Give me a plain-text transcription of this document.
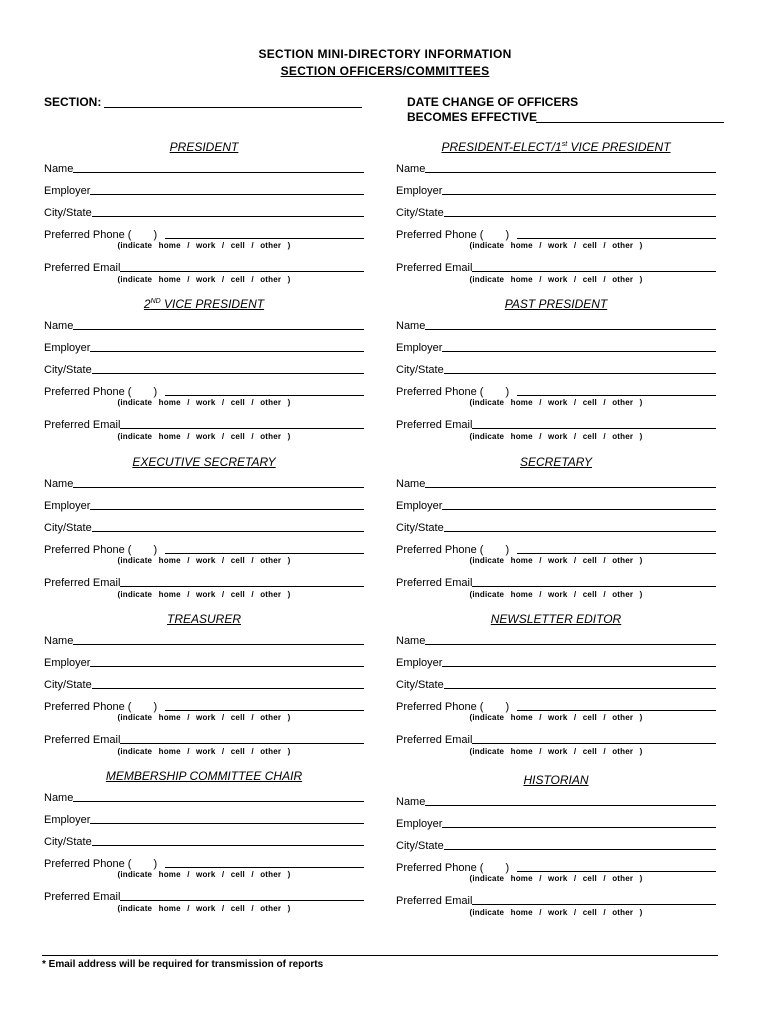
SECTION MINI-DIRECTORY INFORMATION
SECTION OFFICERS/COMMITTEES
SECTION:	DATE CHANGE OF OFFICERS
BECOMES EFFECTIVE
PRESIDENT
Name
Employer
City/State
Preferred Phone ( )
(indicate home / work / cell / other )
Preferred Email
(indicate home / work / cell / other )
2ND VICE PRESIDENT
Name
Employer
City/State
Preferred Phone ( )
(indicate home / work / cell / other )
Preferred Email
(indicate home / work / cell / other )
EXECUTIVE SECRETARY
Name
Employer
City/State
Preferred Phone ( )
(indicate home / work / cell / other )
Preferred Email
(indicate home / work / cell / other )
TREASURER
Name
Employer
City/State
Preferred Phone ( )
(indicate home / work / cell / other )
Preferred Email
(indicate home / work / cell / other )
MEMBERSHIP COMMITTEE CHAIR
Name
Employer
City/State
Preferred Phone ( )
(indicate home / work / cell / other )
Preferred Email
(indicate home / work / cell / other )
PRESIDENT-ELECT/1st VICE PRESIDENT
Name
Employer
City/State
Preferred Phone ( )
(indicate home / work / cell / other )
Preferred Email
(indicate home / work / cell / other )
PAST PRESIDENT
Name
Employer
City/State
Preferred Phone ( )
(indicate home / work / cell / other )
Preferred Email
(indicate home / work / cell / other )
SECRETARY
Name
Employer
City/State
Preferred Phone ( )
(indicate home / work / cell / other )
Preferred Email
(indicate home / work / cell / other )
NEWSLETTER EDITOR
Name
Employer
City/State
Preferred Phone ( )
(indicate home / work / cell / other )
Preferred Email
(indicate home / work / cell / other )
HISTORIAN
Name
Employer
City/State
Preferred Phone ( )
(indicate home / work / cell / other )
Preferred Email
(indicate home / work / cell / other )
* Email address will be required for transmission of reports
